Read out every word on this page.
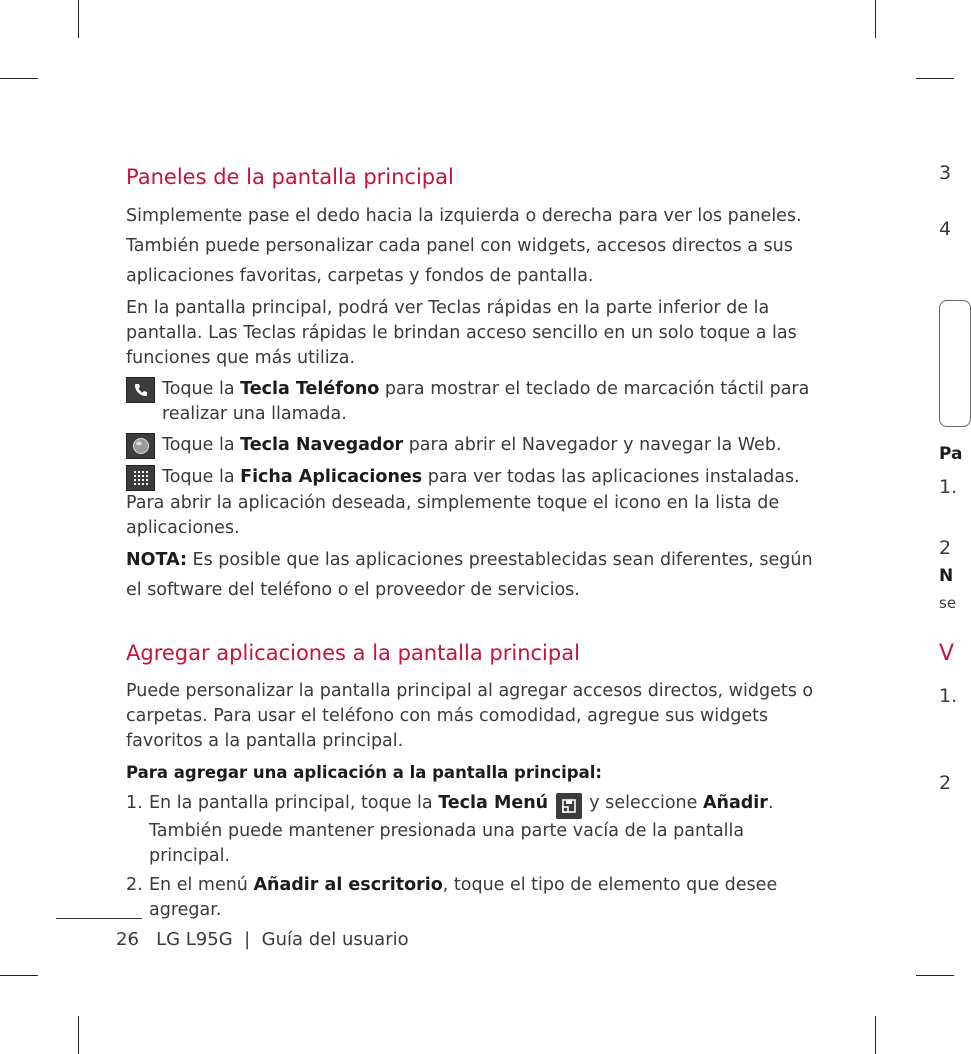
Paneles de la pantalla principal

Simplemente pase el dedo hacia la izquierda o derecha para ver los paneles. También puede personalizar cada panel con widgets, accesos directos a sus aplicaciones favoritas, carpetas y fondos de pantalla.

En la pantalla principal, podrá ver Teclas rápidas en la parte inferior de la pantalla. Las Teclas rápidas le brindan acceso sencillo en un solo toque a las funciones que más utiliza.

Toque la Tecla Teléfono para mostrar el teclado de marcación táctil para realizar una llamada.
Toque la Tecla Navegador para abrir el Navegador y navegar la Web.
Toque la Ficha Aplicaciones para ver todas las aplicaciones instaladas.

Para abrir la aplicación deseada, simplemente toque el icono en la lista de aplicaciones.

NOTA: Es posible que las aplicaciones preestablecidas sean diferentes, según el software del teléfono o el proveedor de servicios.

Agregar aplicaciones a la pantalla principal

Puede personalizar la pantalla principal al agregar accesos directos, widgets o carpetas. Para usar el teléfono con más comodidad, agregue sus widgets favoritos a la pantalla principal.

Para agregar una aplicación a la pantalla principal:

1. En la pantalla principal, toque la Tecla Menú
y seleccione Añadir. También puede mantener presionada una parte vacía de la pantalla principal.
2. En el menú Añadir al escritorio, toque el tipo de elemento que desee agregar.
26 LG L95G | Guía del usuario
3
4
Pa
1.
2
N
se
V
1.
2
